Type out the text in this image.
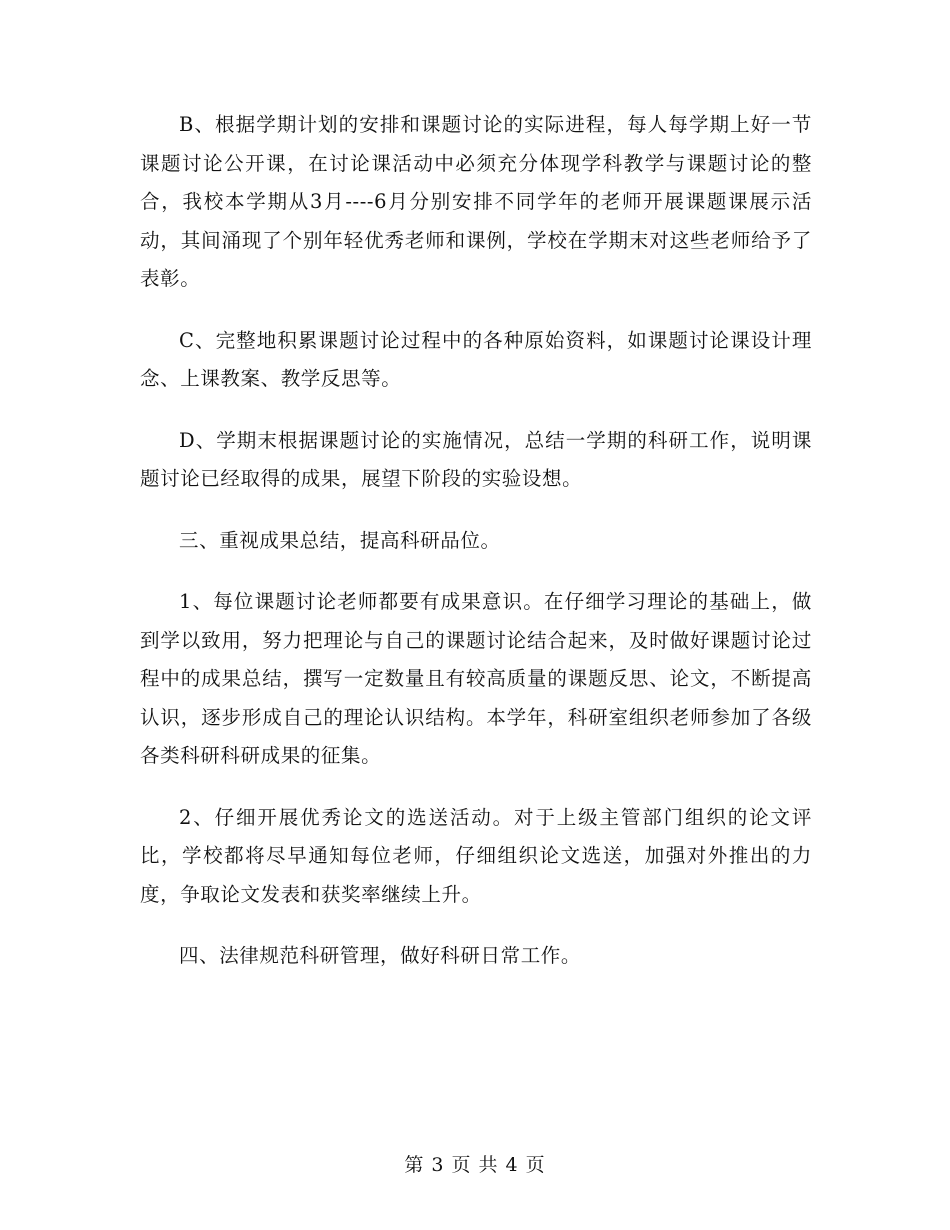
B、根据学期计划的安排和课题讨论的实际进程，每人每学期上好一节课题讨论公开课，在讨论课活动中必须充分体现学科教学与课题讨论的整合，我校本学期从3月----6月分别安排不同学年的老师开展课题课展示活动，其间涌现了个别年轻优秀老师和课例，学校在学期末对这些老师给予了表彰。

C、完整地积累课题讨论过程中的各种原始资料，如课题讨论课设计理念、上课教案、教学反思等。

D、学期末根据课题讨论的实施情况，总结一学期的科研工作，说明课题讨论已经取得的成果，展望下阶段的实验设想。

三、重视成果总结，提高科研品位。

1、每位课题讨论老师都要有成果意识。在仔细学习理论的基础上，做到学以致用，努力把理论与自己的课题讨论结合起来，及时做好课题讨论过程中的成果总结，撰写一定数量且有较高质量的课题反思、论文，不断提高认识，逐步形成自己的理论认识结构。本学年，科研室组织老师参加了各级各类科研科研成果的征集。

2、仔细开展优秀论文的选送活动。对于上级主管部门组织的论文评比，学校都将尽早通知每位老师，仔细组织论文选送，加强对外推出的力度，争取论文发表和获奖率继续上升。

四、法律规范科研管理，做好科研日常工作。

第 3 页 共 4 页
